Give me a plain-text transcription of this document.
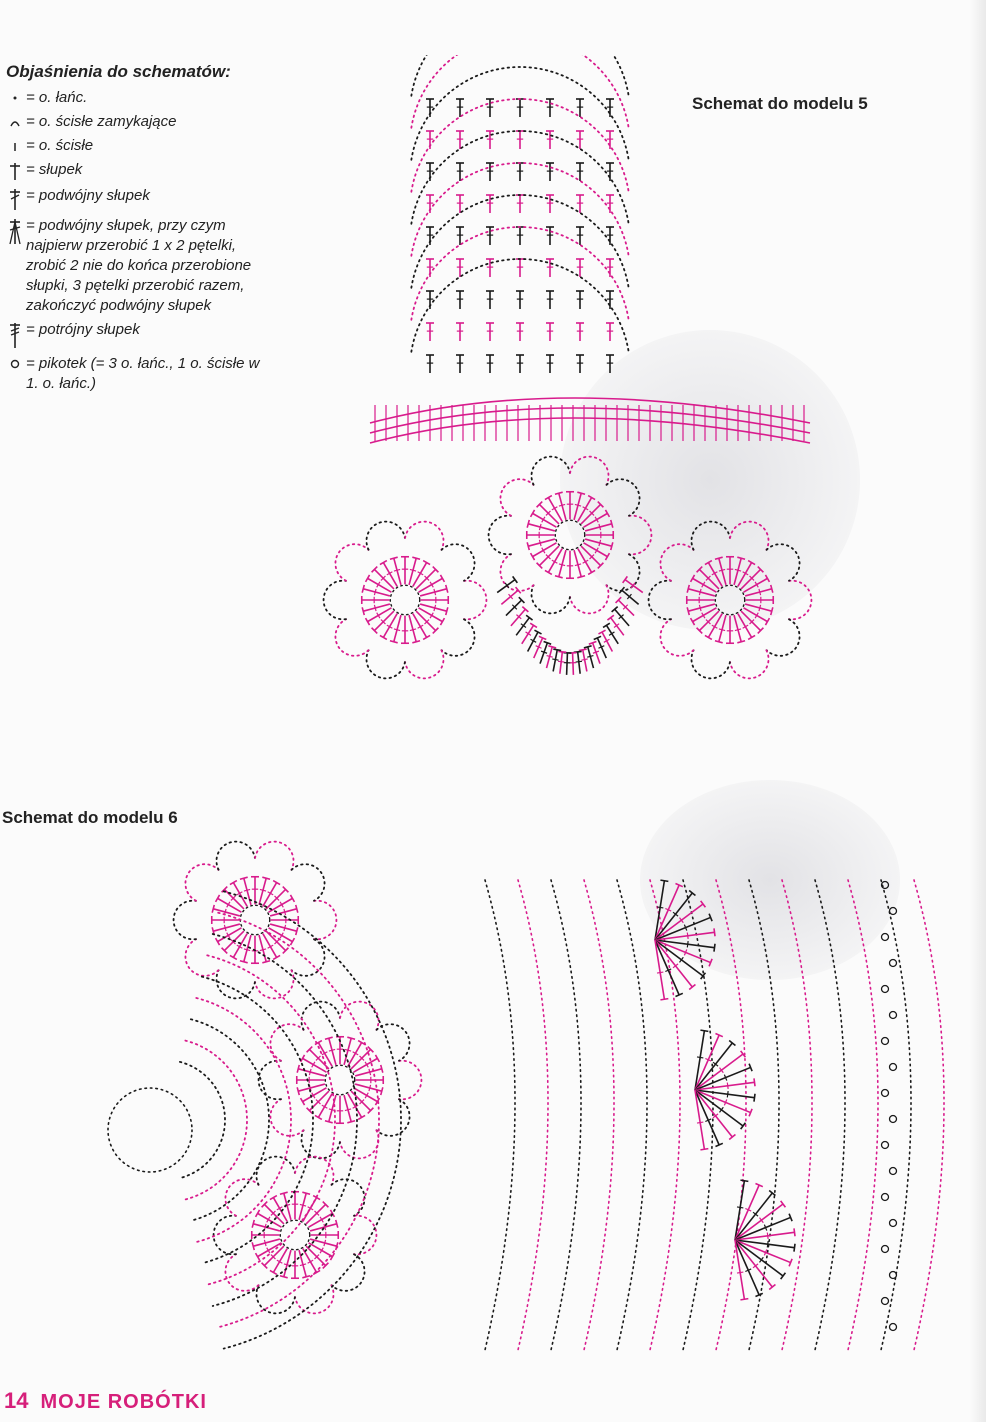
Objaśnienia do schematów:
= o. łańc.
= o. ścisłe zamykające
= o. ścisłe
= słupek
= podwójny słupek
= podwójny słupek, przy czym najpierw przerobić 1 x 2 pętelki, zrobić 2 nie do końca przerobione słupki, 3 pętelki przerobić razem, zakończyć podwójny słupek
= potrójny słupek
= pikotek (= 3 o. łańc., 1 o. ścisłe w 1. o. łańc.)
Schemat do modelu 5
Schemat do modelu 6
14 MOJE ROBÓTKI
